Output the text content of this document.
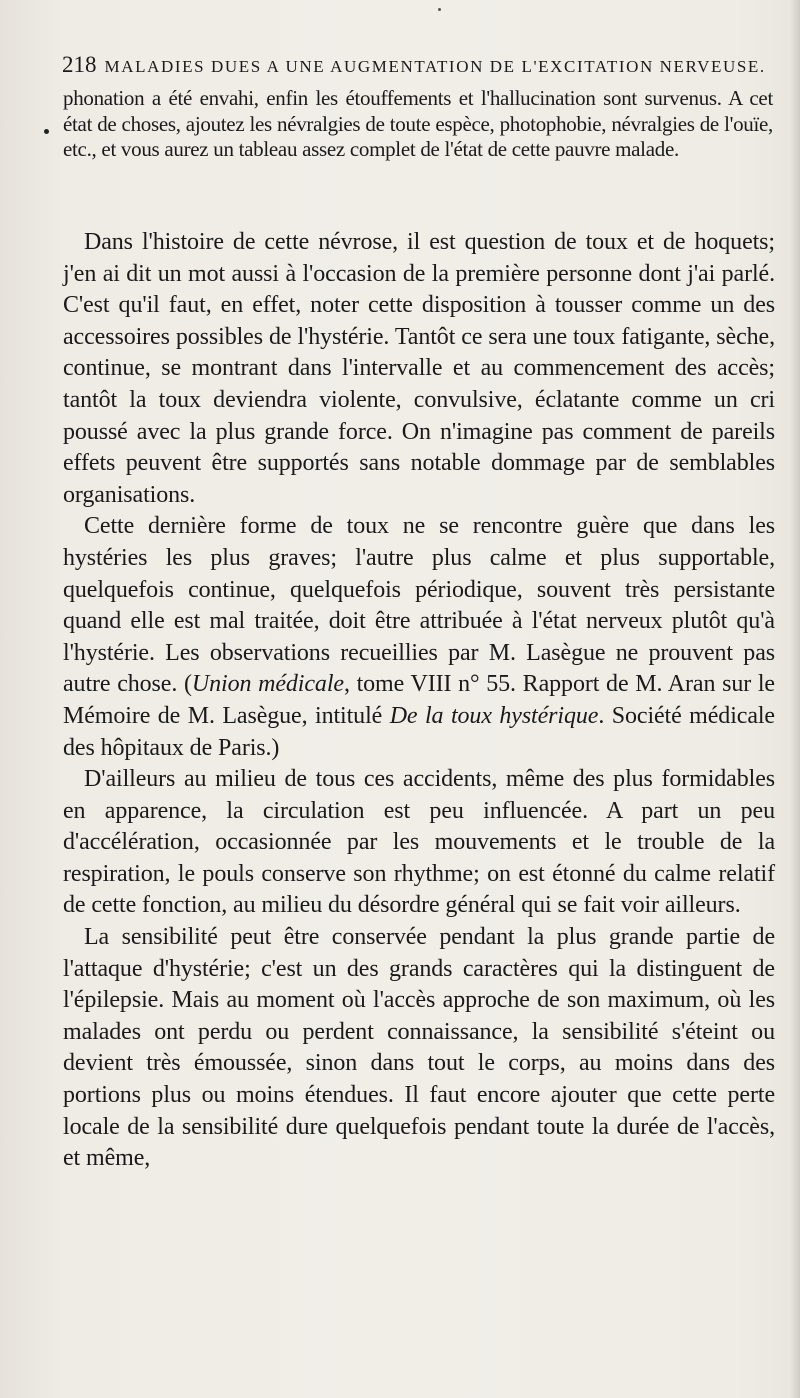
218 MALADIES DUES A UNE AUGMENTATION DE L'EXCITATION NERVEUSE.
phonation a été envahi, enfin les étouffements et l'hallucination sont survenus. A cet état de choses, ajoutez les névralgies de toute espèce, photophobie, névralgies de l'ouïe, etc., et vous aurez un tableau assez complet de l'état de cette pauvre malade.

Dans l'histoire de cette névrose, il est question de toux et de hoquets; j'en ai dit un mot aussi à l'occasion de la première personne dont j'ai parlé. C'est qu'il faut, en effet, noter cette disposition à tousser comme un des accessoires possibles de l'hystérie. Tantôt ce sera une toux fatigante, sèche, continue, se montrant dans l'intervalle et au commencement des accès; tantôt la toux deviendra violente, convulsive, éclatante comme un cri poussé avec la plus grande force. On n'imagine pas comment de pareils effets peuvent être supportés sans notable dommage par de semblables organisations.

Cette dernière forme de toux ne se rencontre guère que dans les hystéries les plus graves; l'autre plus calme et plus supportable, quelquefois continue, quelquefois périodique, souvent très persistante quand elle est mal traitée, doit être attribuée à l'état nerveux plutôt qu'à l'hystérie. Les observations recueillies par M. Lasègue ne prouvent pas autre chose. (Union médicale, tome VIII n° 55. Rapport de M. Aran sur le Mémoire de M. Lasègue, intitulé De la toux hystérique. Société médicale des hôpitaux de Paris.)

D'ailleurs au milieu de tous ces accidents, même des plus formidables en apparence, la circulation est peu influencée. A part un peu d'accélération, occasionnée par les mouvements et le trouble de la respiration, le pouls conserve son rhythme; on est étonné du calme relatif de cette fonction, au milieu du désordre général qui se fait voir ailleurs.

La sensibilité peut être conservée pendant la plus grande partie de l'attaque d'hystérie; c'est un des grands caractères qui la distinguent de l'épilepsie. Mais au moment où l'accès approche de son maximum, où les malades ont perdu ou perdent connaissance, la sensibilité s'éteint ou devient très émoussée, sinon dans tout le corps, au moins dans des portions plus ou moins étendues. Il faut encore ajouter que cette perte locale de la sensibilité dure quelquefois pendant toute la durée de l'accès, et même,
